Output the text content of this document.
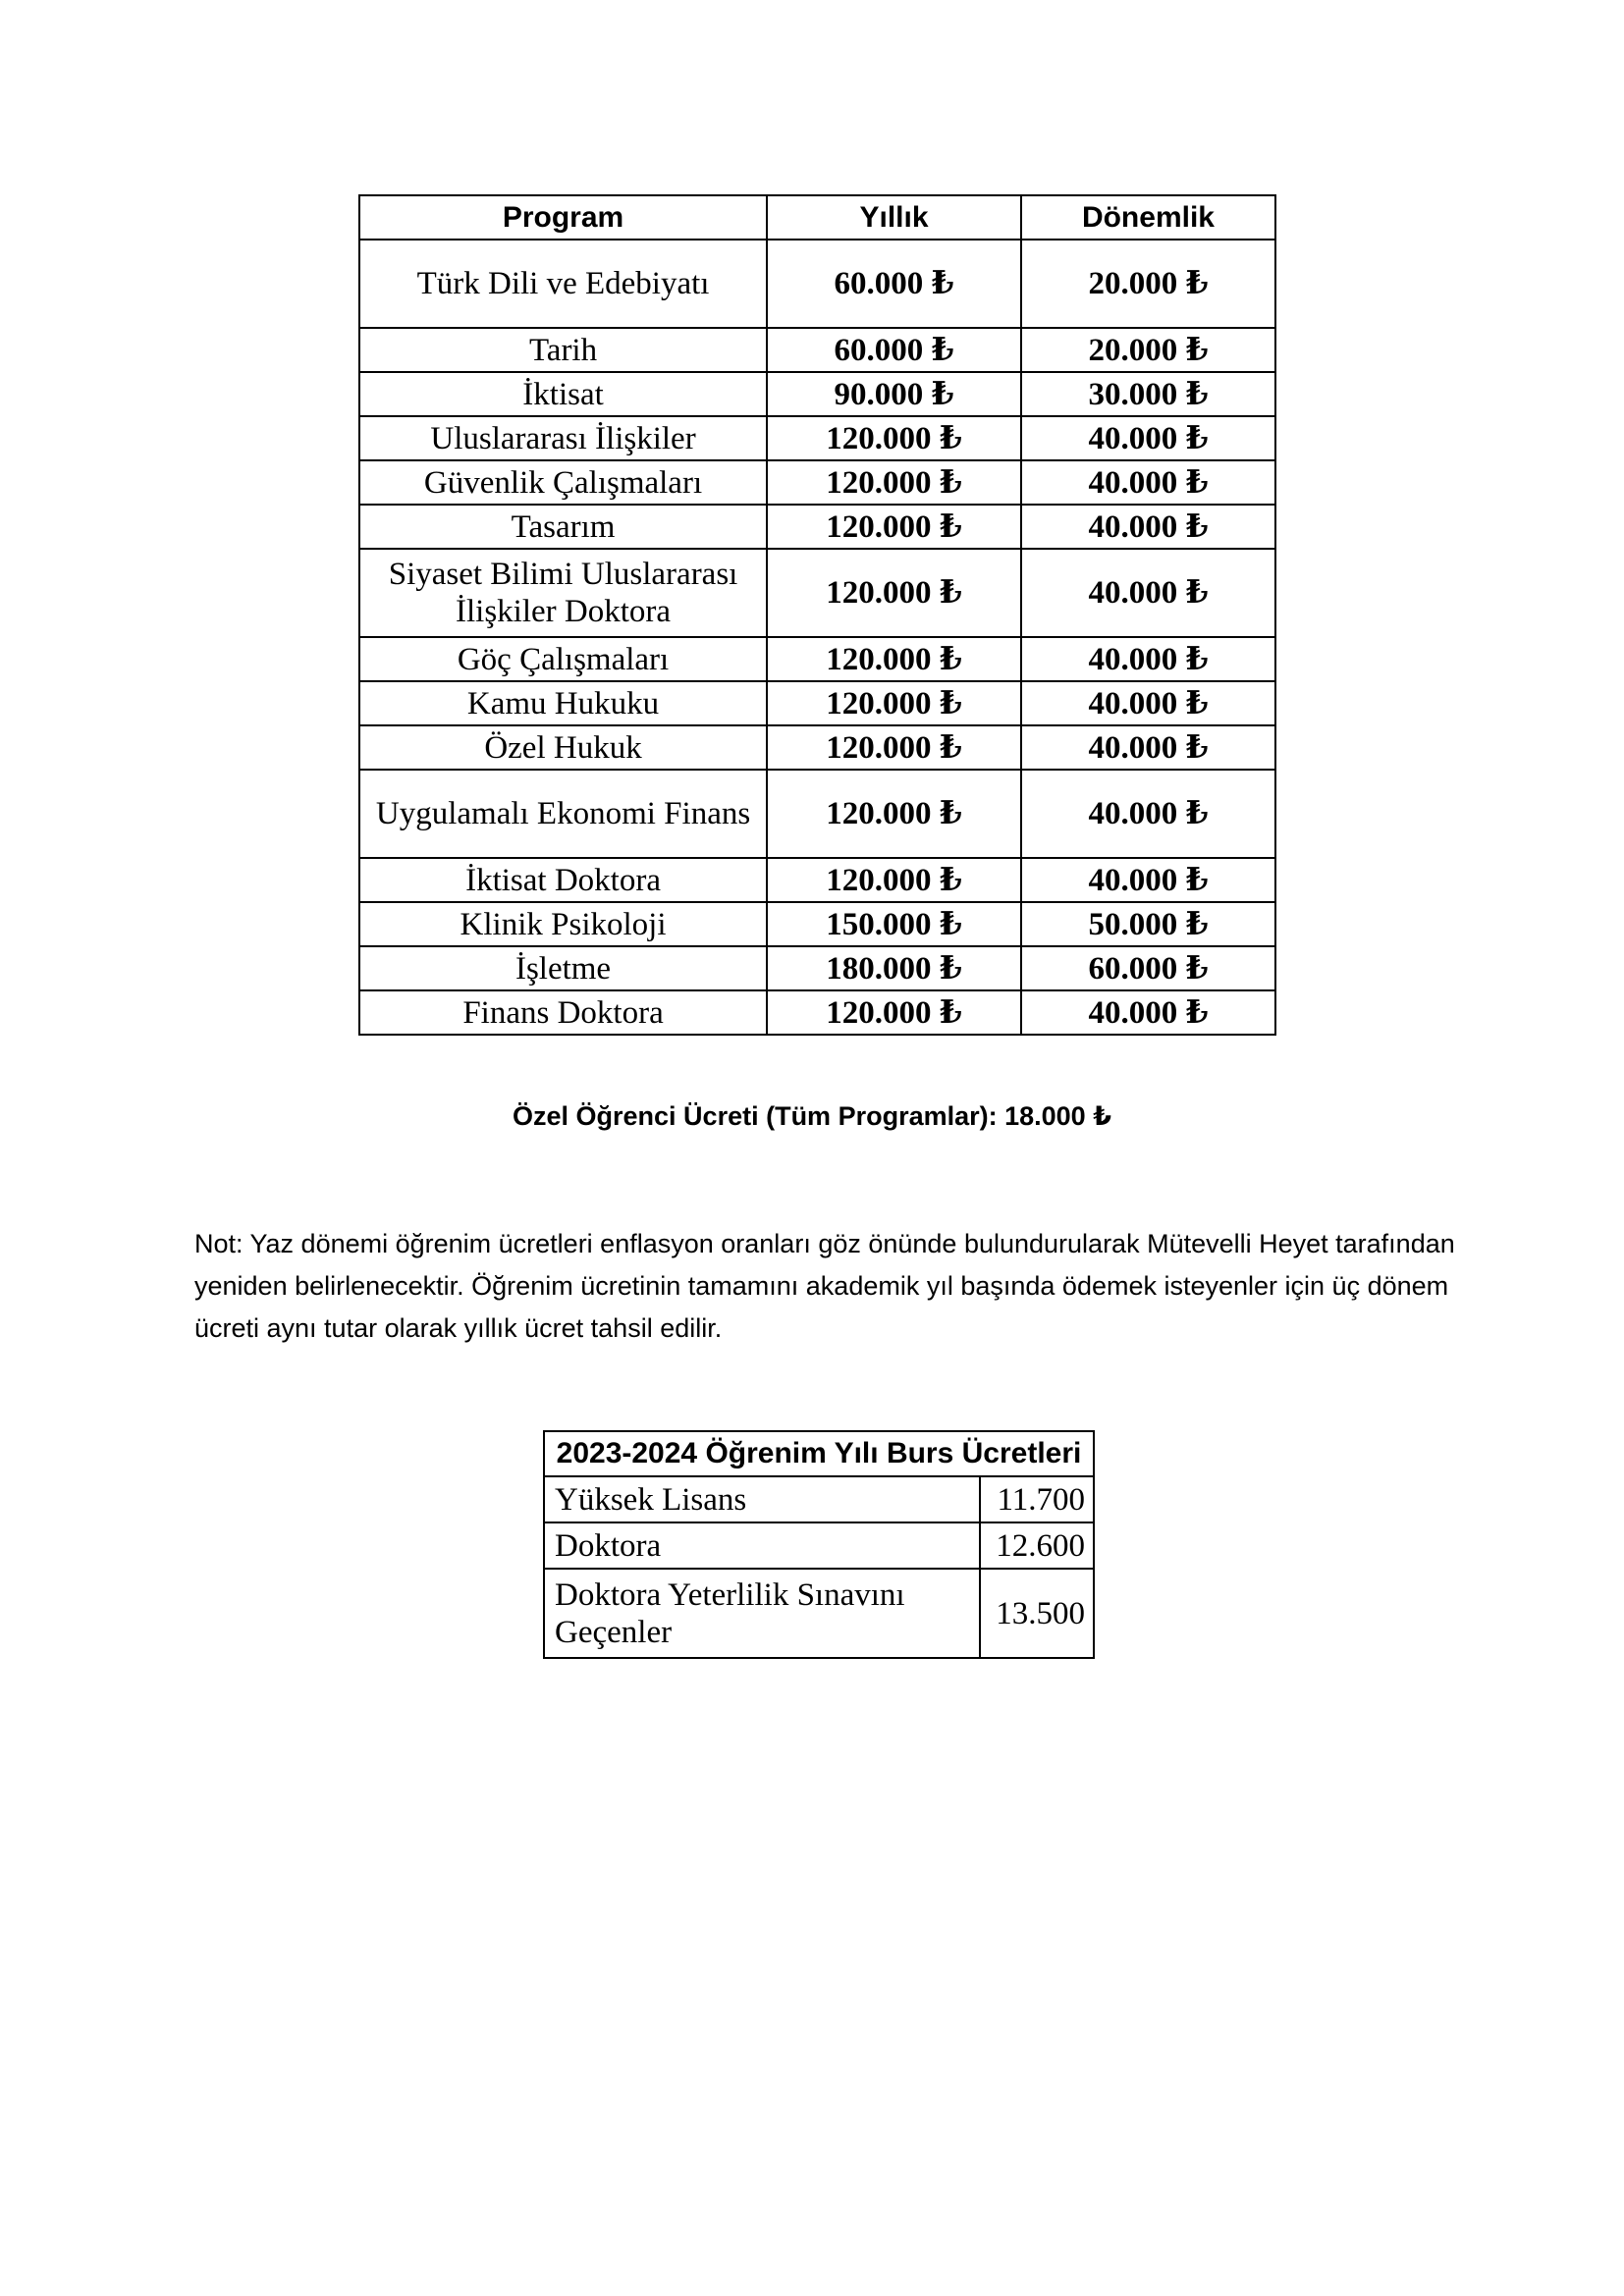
Program	Yıllık	Dönemlik
Türk Dili ve Edebiyatı	60.000 ₺	20.000 ₺
Tarih	60.000 ₺	20.000 ₺
İktisat	90.000 ₺	30.000 ₺
Uluslararası İlişkiler	120.000 ₺	40.000 ₺
Güvenlik Çalışmaları	120.000 ₺	40.000 ₺
Tasarım	120.000 ₺	40.000 ₺
Siyaset Bilimi Uluslararası İlişkiler Doktora	120.000 ₺	40.000 ₺
Göç Çalışmaları	120.000 ₺	40.000 ₺
Kamu Hukuku	120.000 ₺	40.000 ₺
Özel Hukuk	120.000 ₺	40.000 ₺
Uygulamalı Ekonomi Finans	120.000 ₺	40.000 ₺
İktisat Doktora	120.000 ₺	40.000 ₺
Klinik Psikoloji	150.000 ₺	50.000 ₺
İşletme	180.000 ₺	60.000 ₺
Finans Doktora	120.000 ₺	40.000 ₺
Özel Öğrenci Ücreti (Tüm Programlar): 18.000 ₺
Not: Yaz dönemi öğrenim ücretleri enflasyon oranları göz önünde bulundurularak Mütevelli Heyet tarafından yeniden belirlenecektir. Öğrenim ücretinin tamamını akademik yıl başında ödemek isteyenler için üç dönem ücreti aynı tutar olarak yıllık ücret tahsil edilir.
2023-2024 Öğrenim Yılı Burs Ücretleri	
Yüksek Lisans	11.700
Doktora	12.600
Doktora Yeterlilik Sınavını Geçenler	13.500
